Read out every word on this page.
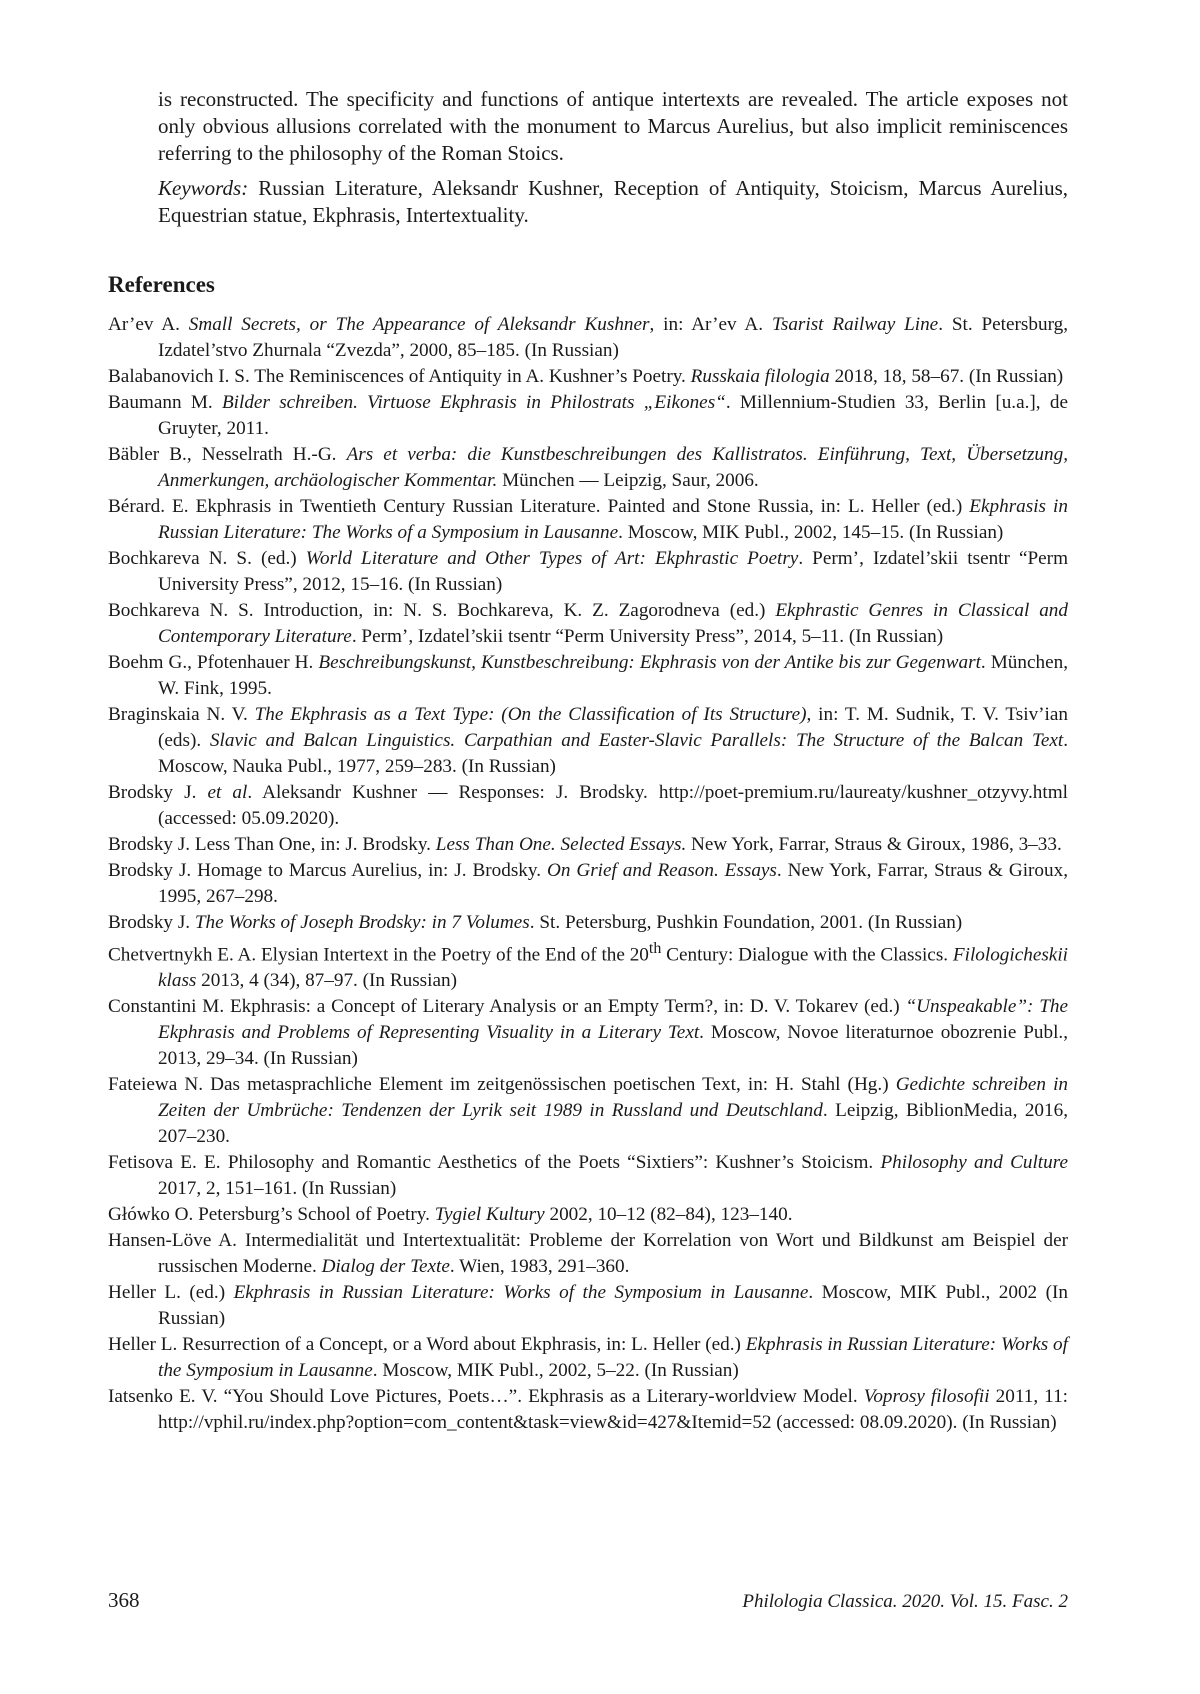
is reconstructed. The specificity and functions of antique intertexts are revealed. The article exposes not only obvious allusions correlated with the monument to Marcus Aurelius, but also implicit reminiscences referring to the philosophy of the Roman Stoics.

Keywords: Russian Literature, Aleksandr Kushner, Reception of Antiquity, Stoicism, Marcus Aurelius, Equestrian statue, Ekphrasis, Intertextuality.

References

Ar’ev A. Small Secrets, or The Appearance of Aleksandr Kushner, in: Ar’ev A. Tsarist Railway Line. St. Petersburg, Izdatel’stvo Zhurnala “Zvezda”, 2000, 85–185. (In Russian)

Balabanovich I. S. The Reminiscences of Antiquity in A. Kushner’s Poetry. Russkaia filologia 2018, 18, 58–67. (In Russian)

Baumann M. Bilder schreiben. Virtuose Ekphrasis in Philostrats „Eikones“. Millennium-Studien 33, Berlin [u.a.], de Gruyter, 2011.

Bäbler B., Nesselrath H.-G. Ars et verba: die Kunstbeschreibungen des Kallistratos. Einführung, Text, Übersetzung, Anmerkungen, archäologischer Kommentar. München — Leipzig, Saur, 2006.

Bérard. E. Ekphrasis in Twentieth Century Russian Literature. Painted and Stone Russia, in: L. Heller (ed.) Ekphrasis in Russian Literature: The Works of a Symposium in Lausanne. Moscow, MIK Publ., 2002, 145–15. (In Russian)

Bochkareva N. S. (ed.) World Literature and Other Types of Art: Ekphrastic Poetry. Perm’, Izdatel’skii tsentr “Perm University Press”, 2012, 15–16. (In Russian)

Bochkareva N. S. Introduction, in: N. S. Bochkareva, K. Z. Zagorodneva (ed.) Ekphrastic Genres in Classical and Contemporary Literature. Perm’, Izdatel’skii tsentr “Perm University Press”, 2014, 5–11. (In Russian)

Boehm G., Pfotenhauer H. Beschreibungskunst, Kunstbeschreibung: Ekphrasis von der Antike bis zur Gegenwart. München, W. Fink, 1995.

Braginskaia N. V. The Ekphrasis as a Text Type: (On the Classification of Its Structure), in: T. M. Sudnik, T. V. Tsiv’ian (eds). Slavic and Balcan Linguistics. Carpathian and Easter-Slavic Parallels: The Structure of the Balcan Text. Moscow, Nauka Publ., 1977, 259–283. (In Russian)

Brodsky J. et al. Aleksandr Kushner — Responses: J. Brodsky. http://poet-premium.ru/laureaty/kushner_otzyvy.html (accessed: 05.09.2020).

Brodsky J. Less Than One, in: J. Brodsky. Less Than One. Selected Essays. New York, Farrar, Straus & Giroux, 1986, 3–33.

Brodsky J. Homage to Marcus Aurelius, in: J. Brodsky. On Grief and Reason. Essays. New York, Farrar, Straus & Giroux, 1995, 267–298.

Brodsky J. The Works of Joseph Brodsky: in 7 Volumes. St. Petersburg, Pushkin Foundation, 2001. (In Russian)

Chetvertnykh E. A. Elysian Intertext in the Poetry of the End of the 20th Century: Dialogue with the Classics. Filologicheskii klass 2013, 4 (34), 87–97. (In Russian)

Constantini M. Ekphrasis: a Concept of Literary Analysis or an Empty Term?, in: D. V. Tokarev (ed.) “Unspeakable”: The Ekphrasis and Problems of Representing Visuality in a Literary Text. Moscow, Novoe literaturnoe obozrenie Publ., 2013, 29–34. (In Russian)

Fateiewa N. Das metasprachliche Element im zeitgenössischen poetischen Text, in: H. Stahl (Hg.) Gedichte schreiben in Zeiten der Umbrüche: Tendenzen der Lyrik seit 1989 in Russland und Deutschland. Leipzig, BiblionMedia, 2016, 207–230.

Fetisova E. E. Philosophy and Romantic Aesthetics of the Poets “Sixtiers”: Kushner’s Stoicism. Philosophy and Culture 2017, 2, 151–161. (In Russian)

Główko O. Petersburg’s School of Poetry. Tygiel Kultury 2002, 10–12 (82–84), 123–140.

Hansen-Löve A. Intermedialität und Intertextualität: Probleme der Korrelation von Wort und Bildkunst am Beispiel der russischen Moderne. Dialog der Texte. Wien, 1983, 291–360.

Heller L. (ed.) Ekphrasis in Russian Literature: Works of the Symposium in Lausanne. Moscow, MIK Publ., 2002 (In Russian)

Heller L. Resurrection of a Concept, or a Word about Ekphrasis, in: L. Heller (ed.) Ekphrasis in Russian Literature: Works of the Symposium in Lausanne. Moscow, MIK Publ., 2002, 5–22. (In Russian)

Iatsenko E. V. “You Should Love Pictures, Poets…”. Ekphrasis as a Literary-worldview Model. Voprosy filosofii 2011, 11: http://vphil.ru/index.php?option=com_content&task=view&id=427&Itemid=52 (accessed: 08.09.2020). (In Russian)

368	Philologia Classica. 2020. Vol. 15. Fasc. 2
